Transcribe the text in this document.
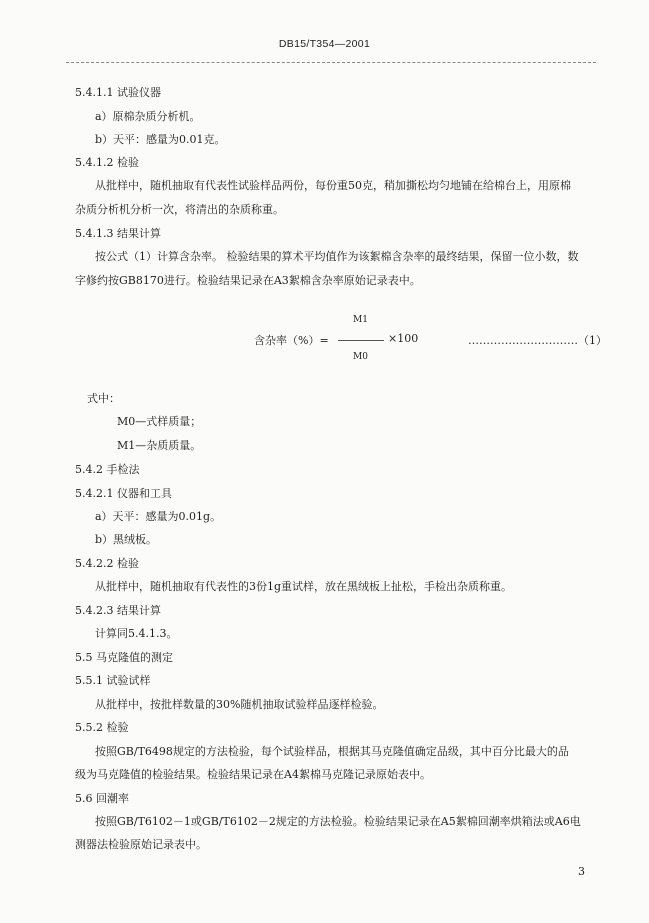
DB15/T354—2001
5.4.1.1 试验仪器
a）原棉杂质分析机。
b）天平：感量为0.01克。
5.4.1.2 检验
从批样中，随机抽取有代表性试验样品两份，每份重50克，稍加撕松均匀地铺在给棉台上，用原棉
杂质分析机分析一次，将清出的杂质称重。
5.4.1.3 结果计算
按公式（1）计算含杂率。 检验结果的算术平均值作为该絮棉含杂率的最终结果，保留一位小数，数
字修约按GB8170进行。检验结果记录在A3絮棉含杂率原始记录表中。
M1
含杂率（%）=	×100	…………………………（1）
M0
式中：
M0—式样质量；
M1—杂质质量。
5.4.2 手检法
5.4.2.1 仪器和工具
a）天平：感量为0.01g。
b）黑绒板。
5.4.2.2 检验
从批样中，随机抽取有代表性的3份1g重试样，放在黑绒板上扯松，手检出杂质称重。
5.4.2.3 结果计算
计算同5.4.1.3。
5.5 马克隆值的测定
5.5.1 试验试样
从批样中，按批样数量的30%随机抽取试验样品逐样检验。
5.5.2 检验
按照GB/T6498规定的方法检验，每个试验样品，根据其马克隆值确定品级，其中百分比最大的品
级为马克隆值的检验结果。检验结果记录在A4絮棉马克隆记录原始表中。
5.6 回潮率
按照GB/T6102－1或GB/T6102－2规定的方法检验。检验结果记录在A5絮棉回潮率烘箱法或A6电
测器法检验原始记录表中。
3
